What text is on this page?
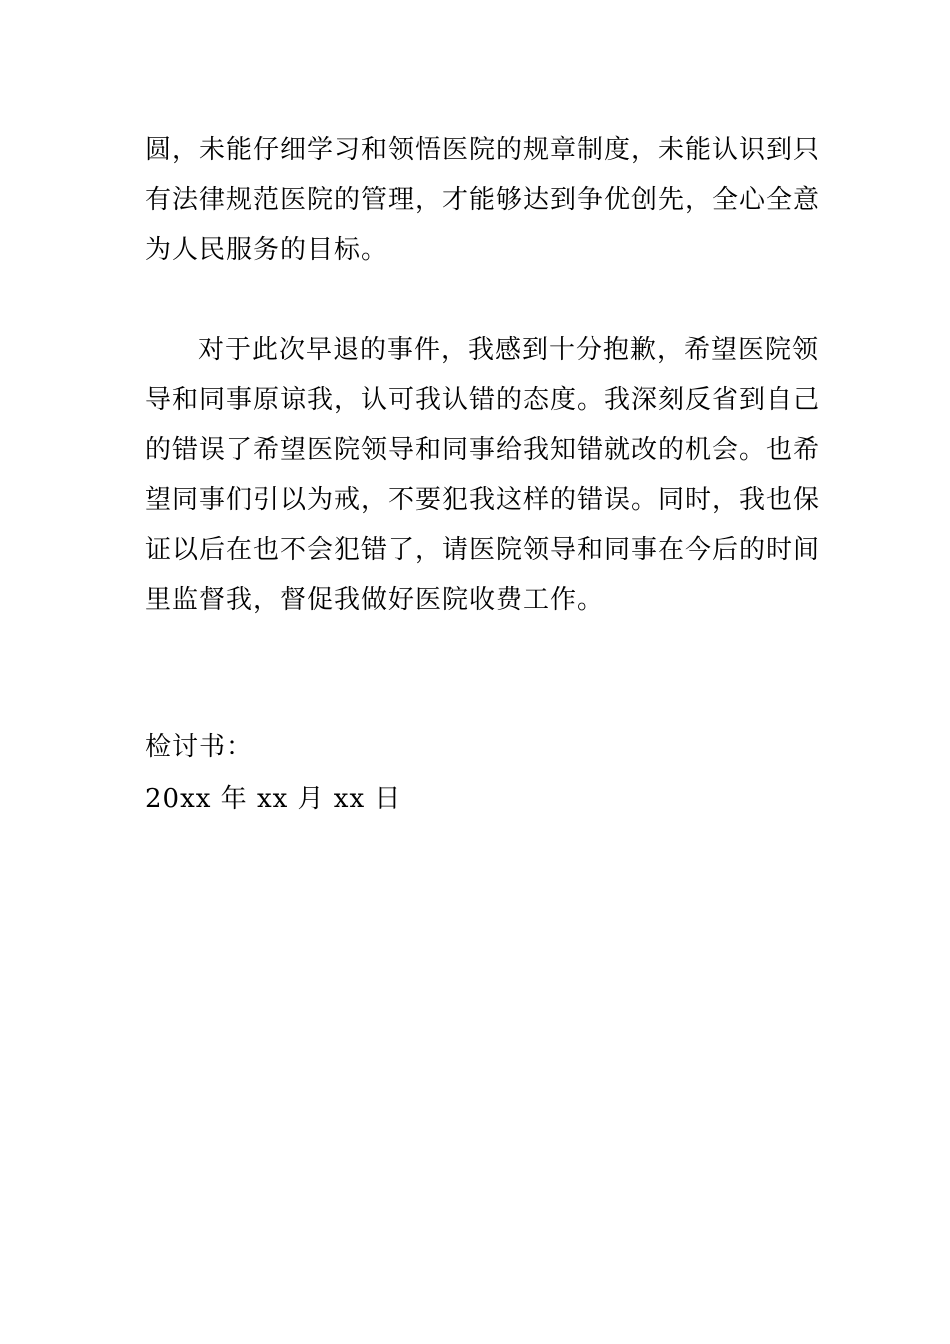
圆，未能仔细学习和领悟医院的规章制度，未能认识到只
有法律规范医院的管理，才能够达到争优创先，全心全意
为人民服务的目标。
对于此次早退的事件，我感到十分抱歉，希望医院领
导和同事原谅我，认可我认错的态度。我深刻反省到自己
的错误了希望医院领导和同事给我知错就改的机会。也希
望同事们引以为戒，不要犯我这样的错误。同时，我也保
证以后在也不会犯错了，请医院领导和同事在今后的时间
里监督我，督促我做好医院收费工作。
检讨书：
20xx 年 xx 月 xx 日
